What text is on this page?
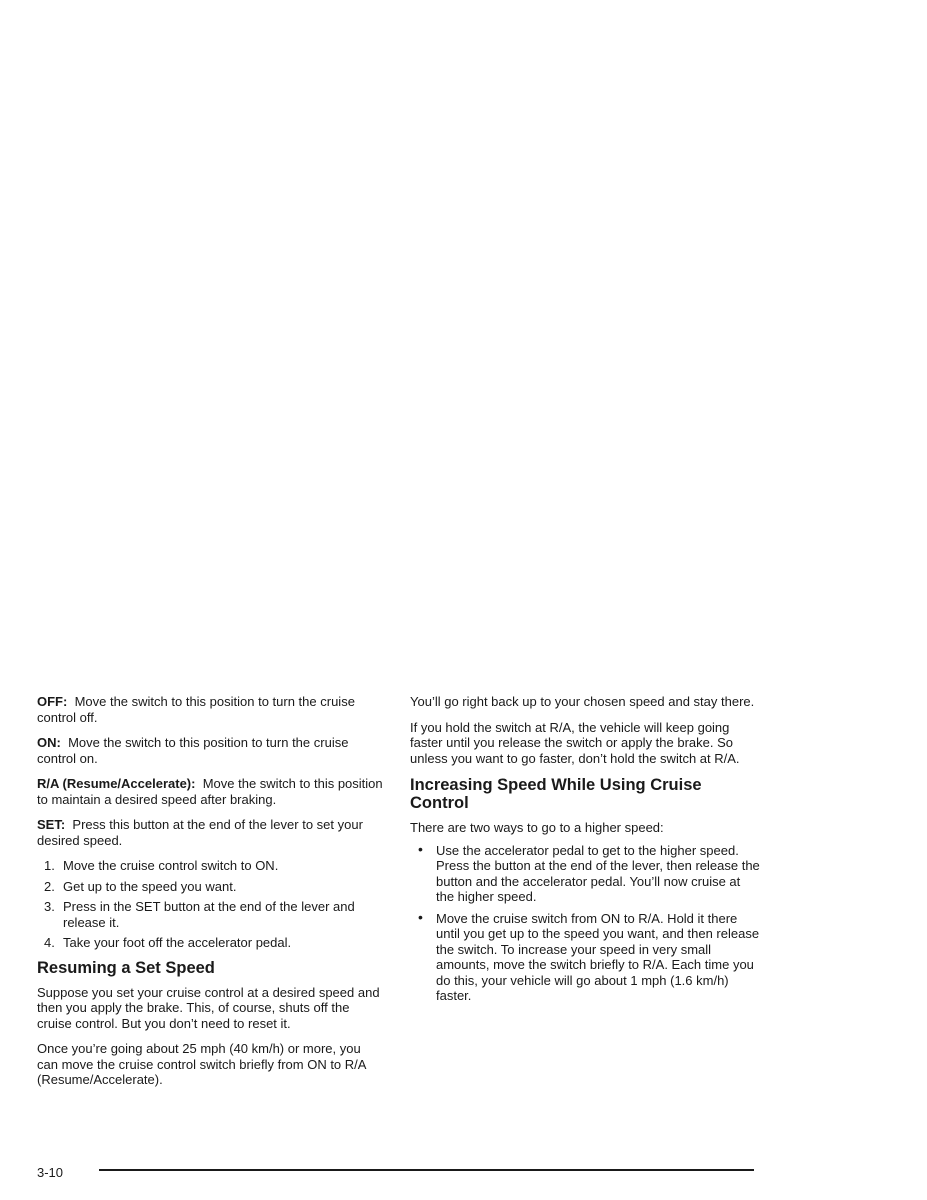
OFF: Move the switch to this position to turn the cruise control off.

ON: Move the switch to this position to turn the cruise control on.

R/A (Resume/Accelerate): Move the switch to this position to maintain a desired speed after braking.

SET: Press this button at the end of the lever to set your desired speed.

1. Move the cruise control switch to ON.
2. Get up to the speed you want.
3. Press in the SET button at the end of the lever and release it.
4. Take your foot off the accelerator pedal.
Resuming a Set Speed

Suppose you set your cruise control at a desired speed and then you apply the brake. This, of course, shuts off the cruise control. But you don’t need to reset it.

Once you’re going about 25 mph (40 km/h) or more, you can move the cruise control switch briefly from ON to R/A (Resume/Accelerate).

You’ll go right back up to your chosen speed and stay there.

If you hold the switch at R/A, the vehicle will keep going faster until you release the switch or apply the brake. So unless you want to go faster, don’t hold the switch at R/A.

Increasing Speed While Using Cruise Control

There are two ways to go to a higher speed:

• Use the accelerator pedal to get to the higher speed. Press the button at the end of the lever, then release the button and the accelerator pedal. You’ll now cruise at the higher speed.
• Move the cruise switch from ON to R/A. Hold it there until you get up to the speed you want, and then release the switch. To increase your speed in very small amounts, move the switch briefly to R/A. Each time you do this, your vehicle will go about 1 mph (1.6 km/h) faster.
3-10
